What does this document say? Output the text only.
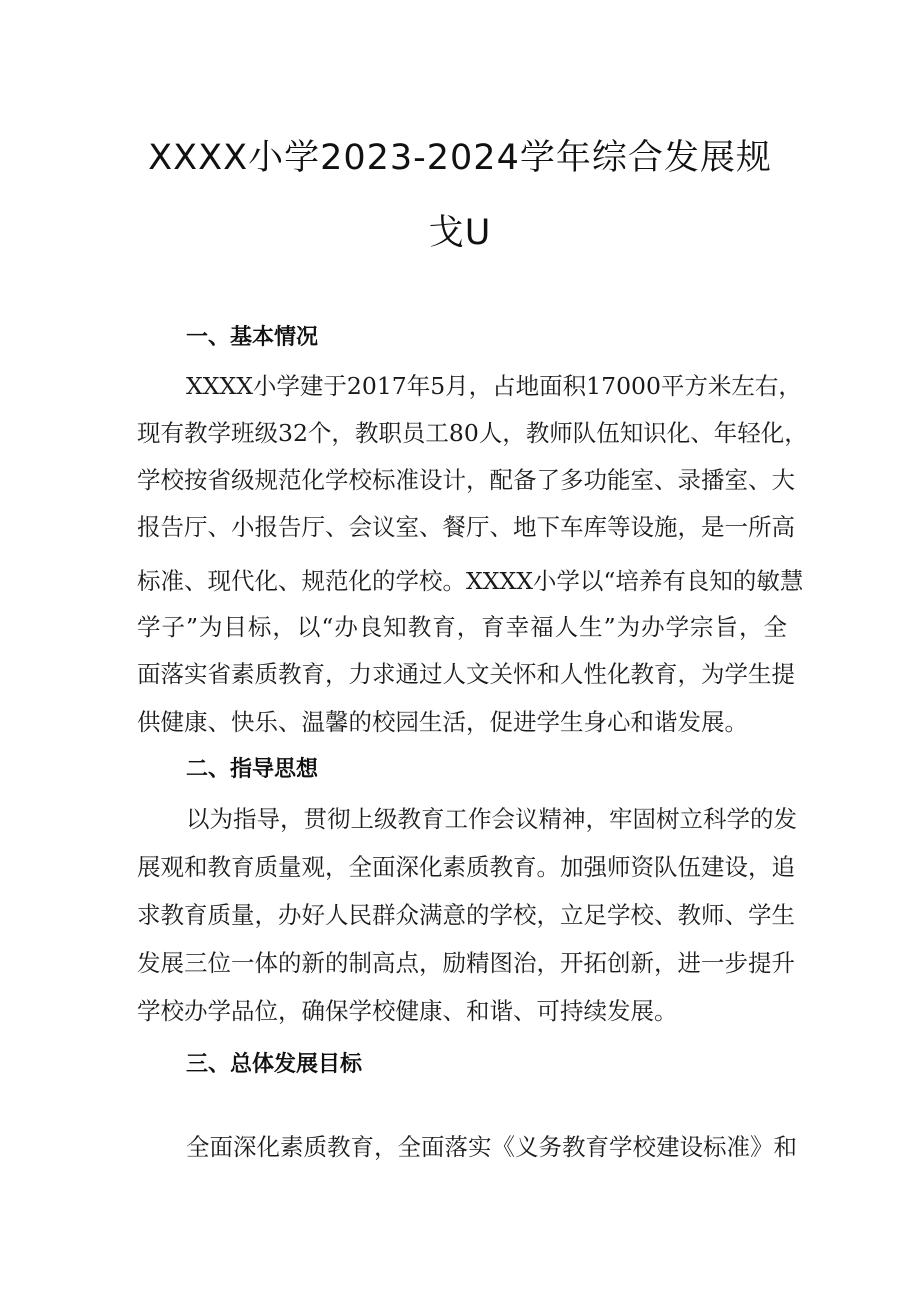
XXXX小学2023-2024学年综合发展规
戈U
一、基本情况
XXXX小学建于2017年5月，占地面积17000平方米左右，
现有教学班级32个，教职员工80人，教师队伍知识化、年轻化，
学校按省级规范化学校标准设计，配备了多功能室、录播室、大
报告厅、小报告厅、会议室、餐厅、地下车库等设施，是一所高
标准、现代化、规范化的学校。XXXX小学以“培养有良知的敏慧
学子”为目标，以“办良知教育，育幸福人生”为办学宗旨，全
面落实省素质教育，力求通过人文关怀和人性化教育，为学生提
供健康、快乐、温馨的校园生活，促进学生身心和谐发展。
二、指导思想
以为指导，贯彻上级教育工作会议精神，牢固树立科学的发
展观和教育质量观，全面深化素质教育。加强师资队伍建设，追
求教育质量，办好人民群众满意的学校，立足学校、教师、学生
发展三位一体的新的制高点，励精图治，开拓创新，进一步提升
学校办学品位，确保学校健康、和谐、可持续发展。
三、总体发展目标
全面深化素质教育，全面落实《义务教育学校建设标准》和
